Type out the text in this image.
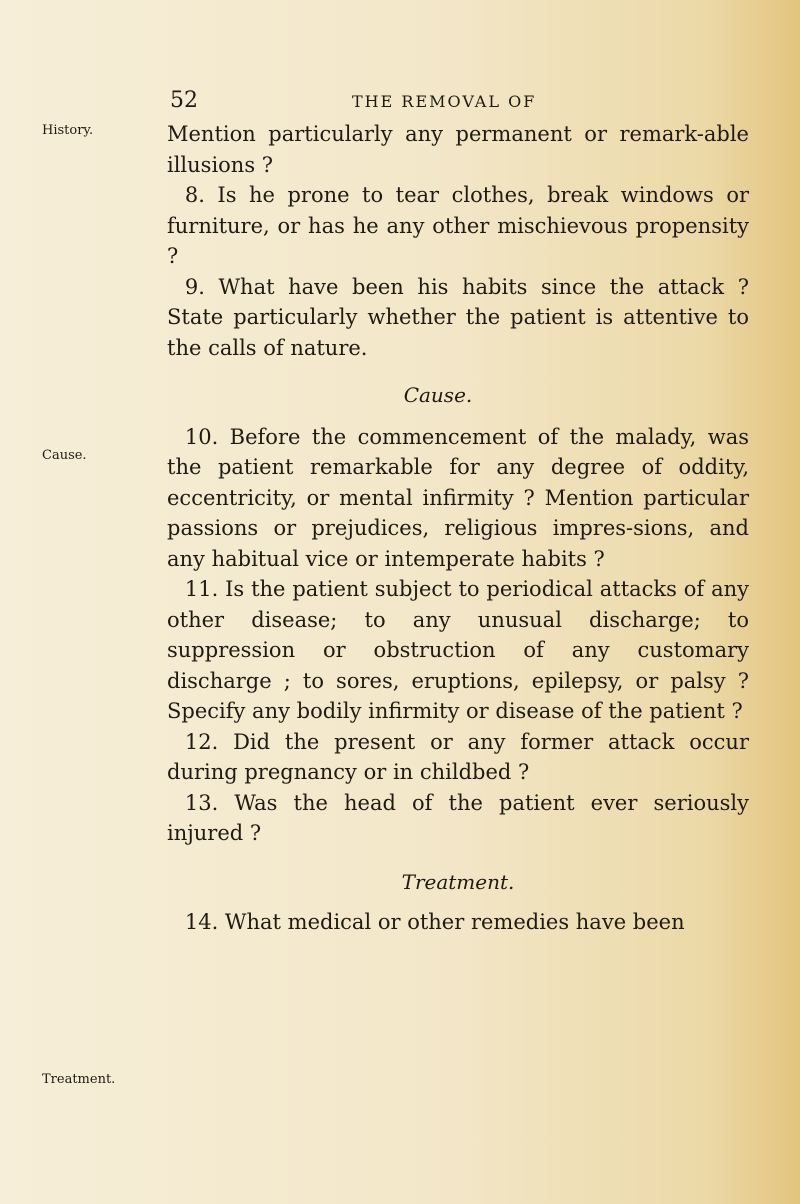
52	THE REMOVAL OF
History.
Cause.
Treatment.

Mention particularly any permanent or remark-able illusions ?

8. Is he prone to tear clothes, break windows or furniture, or has he any other mischievous propensity ?

9. What have been his habits since the attack ? State particularly whether the patient is attentive to the calls of nature.

Cause.

10. Before the commencement of the malady, was the patient remarkable for any degree of oddity, eccentricity, or mental infirmity ? Mention particular passions or prejudices, religious impres-sions, and any habitual vice or intemperate habits ?

11. Is the patient subject to periodical attacks of any other disease; to any unusual discharge; to suppression or obstruction of any customary discharge ; to sores, eruptions, epilepsy, or palsy ? Specify any bodily infirmity or disease of the patient ?

12. Did the present or any former attack occur during pregnancy or in childbed ?

13. Was the head of the patient ever seriously injured ?

Treatment.

14. What medical or other remedies have been
